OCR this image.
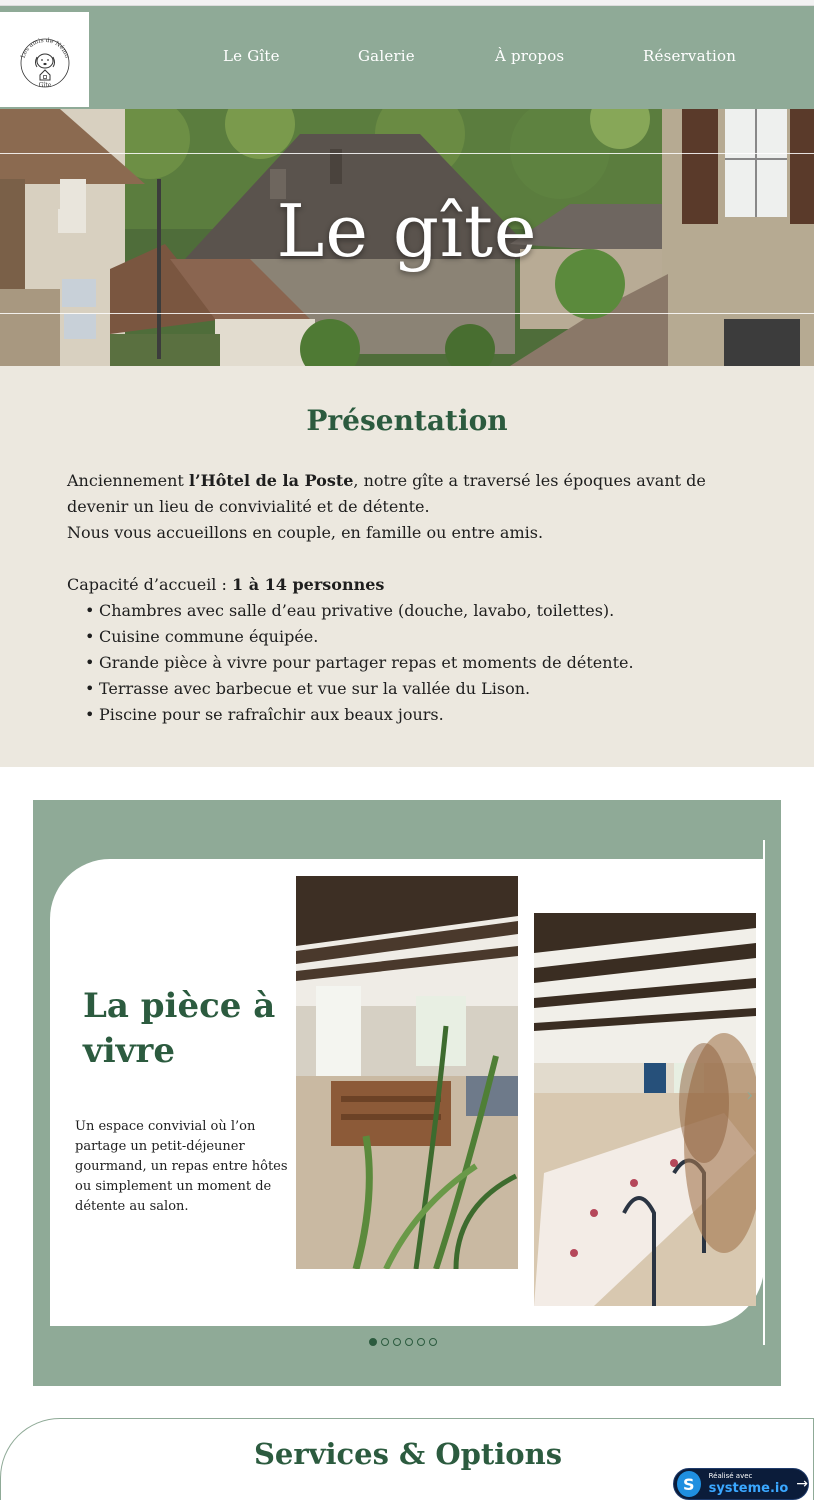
Les amis de Némo
Gîte
Le Gîte	Galerie	À propos	Réservation
Le gîte
Présentation

Anciennement l’Hôtel de la Poste, notre gîte a traversé les époques avant de devenir un lieu de convivialité et de détente.

Nous vous accueillons en couple, en famille ou entre amis.

Capacité d’accueil : 1 à 14 personnes

• Chambres avec salle d’eau privative (douche, lavabo, toilettes).
• Cuisine commune équipée.
• Grande pièce à vivre pour partager repas et moments de détente.
• Terrasse avec barbecue et vue sur la vallée du Lison.
• Piscine pour se rafraîchir aux beaux jours.
La pièce à vivre

Un espace convivial où l’on partage un petit-déjeuner gourmand, un repas entre hôtes ou simplement un moment de détente au salon.

›
Services & Options
S	Réalisé avec
systeme.io →
